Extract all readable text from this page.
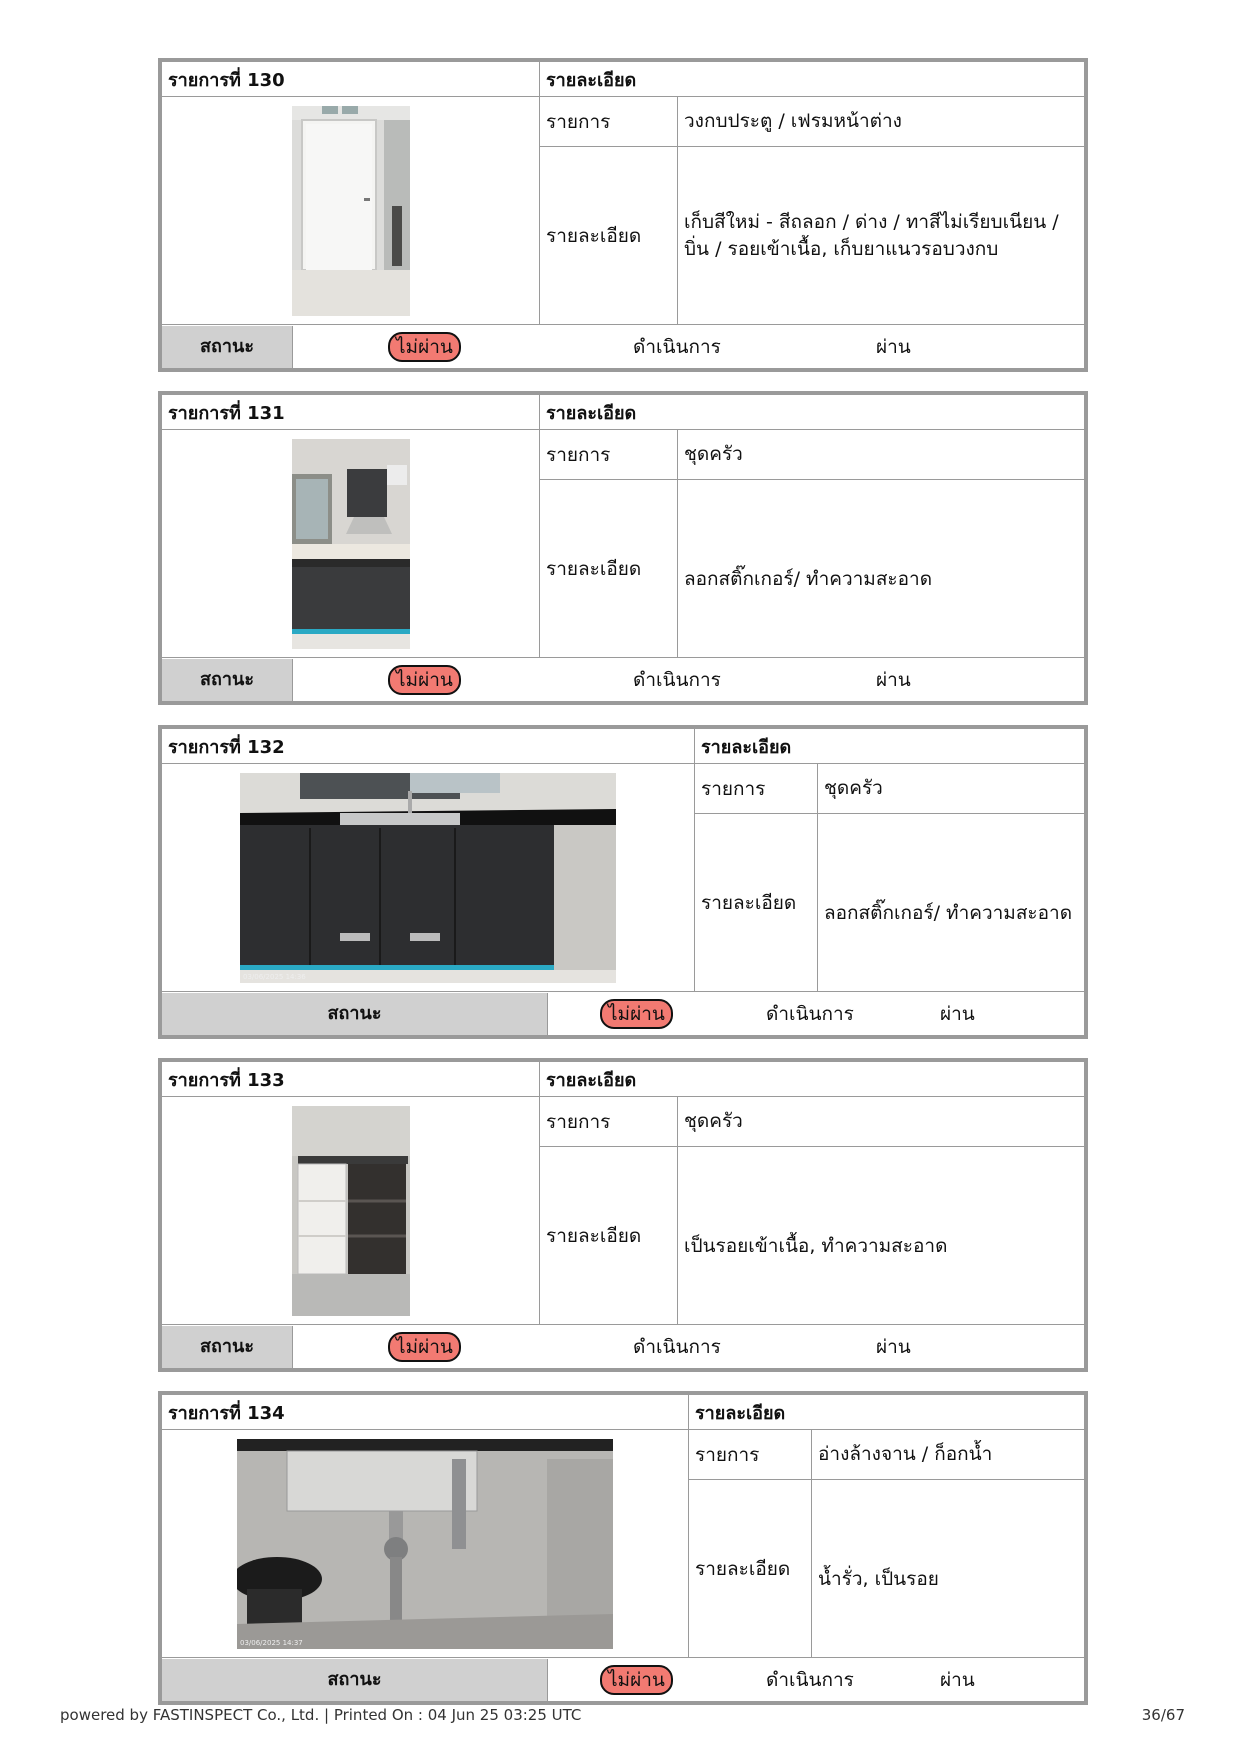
รายการที่ 130	รายละเอียด	
	รายการ	วงกบประตู / เฟรมหน้าต่าง
	รายละเอียด	เก็บสีใหม่ - สีถลอก / ด่าง / ทาสีไม่เรียบเนียน / บิ่น / รอยเข้าเนื้อ, เก็บยาแนวรอบวงกบ

สถานะ ไม่ผ่าน ดำเนินการ ผ่าน		
รายการที่ 131	รายละเอียด	
	รายการ	ชุดครัว
	รายละเอียด	ลอกสติ๊กเกอร์/ ทำความสะอาด

สถานะ ไม่ผ่าน ดำเนินการ ผ่าน		
รายการที่ 132	รายละเอียด	

03/06/2025 14:36	รายการ	ชุดครัว
	รายละเอียด	ลอกสติ๊กเกอร์/ ทำความสะอาด

สถานะ ไม่ผ่าน ดำเนินการ ผ่าน		
รายการที่ 133	รายละเอียด	
	รายการ	ชุดครัว
	รายละเอียด	เป็นรอยเข้าเนื้อ, ทำความสะอาด

สถานะ ไม่ผ่าน ดำเนินการ ผ่าน		
รายการที่ 134	รายละเอียด	

03/06/2025 14:37	รายการ	อ่างล้างจาน / ก็อกน้ำ
	รายละเอียด	น้ำรั่ว, เป็นรอย

สถานะ ไม่ผ่าน ดำเนินการ ผ่าน		
powered by FASTINSPECT Co., Ltd. | Printed On : 04 Jun 25 03:25 UTC	36/67
